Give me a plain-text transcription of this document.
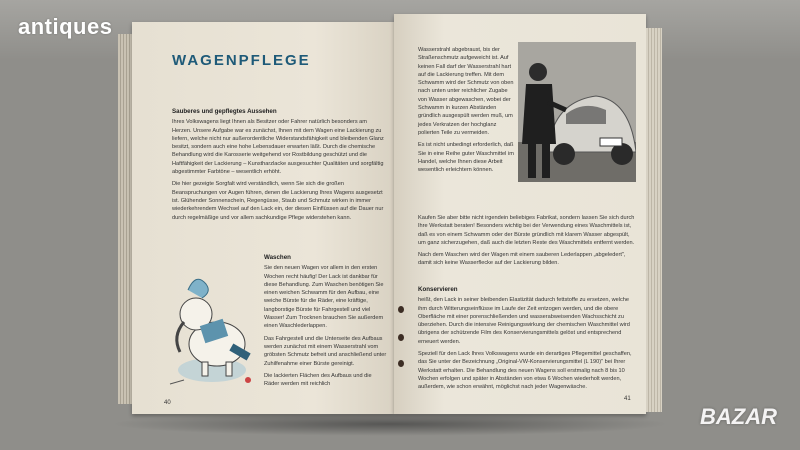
WAGENPFLEGE
Sauberes und gepflegtes Aussehen
Ihres Volkswagens liegt Ihnen als Besitzer oder Fahrer natürlich besonders am Herzen. Unsere Aufgabe war es zunächst, Ihnen mit dem Wagen eine Lackierung zu liefern, welche nicht nur außerordentliche Widerstandsfähigkeit und bleibenden Glanz besitzt, sondern auch eine hohe Lebensdauer erwarten läßt. Durch die chemische Behandlung wird die Karosserie weitgehend vor Rostbildung geschützt und die Haftfähigkeit der Lackierung – Kunstharzlacke ausgesuchter Qualitäten und sorgfältig abgestimmter Farbtöne – wesentlich erhöht.
Die hier gezeigte Sorgfalt wird verständlich, wenn Sie sich die großen Beanspruchungen vor Augen führen, denen die Lackierung Ihres Wagens ausgesetzt ist. Glühender Sonnenschein, Regengüsse, Staub und Schmutz wirken in immer wiederkehrendem Wechsel auf den Lack ein, der diesen Einflüssen auf die Dauer nur durch regelmäßige und vor allem sachkundige Pflege widerstehen kann.
Waschen
Sie den neuen Wagen vor allem in den ersten Wochen recht häufig! Der Lack ist dankbar für diese Behandlung. Zum Waschen benötigen Sie einen weichen Schwamm für den Aufbau, eine weiche Bürste für die Räder, eine kräftige, langborstige Bürste für Fahrgestell und viel Wasser! Zum Trocknen brauchen Sie außerdem einen Waschlederlappen.
Das Fahrgestell und die Unterseite des Aufbaus werden zunächst mit einem Wasserstrahl vom gröbsten Schmutz befreit und anschließend unter Zuhilfenahme einer Bürste gereinigt.
Die lackierten Flächen des Aufbaus und die Räder werden mit reichlich
40
Wasserstrahl abgebraust, bis der Straßenschmutz aufgeweicht ist. Auf keinen Fall darf der Wasserstrahl hart auf die Lackierung treffen. Mit dem Schwamm wird der Schmutz von oben nach unten unter reichlicher Zugabe von Wasser abgewaschen, wobei der Schwamm in kurzen Abständen gründlich ausgespült werden muß, um jedes Verkratzen der hochglanz polierten Teile zu vermeiden.
Es ist nicht unbedingt erforderlich, daß Sie in eine Reihe guter Waschmittel im Handel, welche Ihnen diese Arbeit wesentlich erleichtern können.
Kaufen Sie aber bitte nicht irgendein beliebiges Fabrikat, sondern lassen Sie sich durch Ihre Werkstatt beraten! Besonders wichtig bei der Verwendung eines Waschmittels ist, daß es von einem Schwamm oder der Bürste gründlich mit klarem Wasser abgespült, um ganz sicherzugehen, daß auch die letzten Reste des Waschmittels entfernt werden.
Nach dem Waschen wird der Wagen mit einem sauberen Lederlappen „abgeledert", damit sich keine Wasserflecke auf der Lackierung bilden.
Konservieren
heißt, den Lack in seiner bleibenden Elastizität dadurch fettstoffe zu ersetzen, welche ihm durch Witterungseinflüsse im Laufe der Zeit entzogen werden, und die obere Oberfläche mit einer porenschließenden und wasserabweisenden Wachsschicht zu überziehen. Durch die intensive Reinigungswirkung der chemischen Waschmittel wird übrigens der schützende Film des Konservierungsmittels gelöst und entsprechend erneuert werden.
Speziell für den Lack Ihres Volkswagens wurde ein derartiges Pflegemittel geschaffen, das Sie unter der Bezeichnung „Original-VW-Konservierungsmittel (L 190)" bei Ihrer Werkstatt erhalten. Die Behandlung des neuen Wagens soll erstmalig nach 8 bis 10 Wochen erfolgen und später in Abständen von etwa 6 Wochen wiederholt werden, außerdem, wie schon erwähnt, möglichst nach jeder Wagenwäsche.
41
antiques
BAZAR
